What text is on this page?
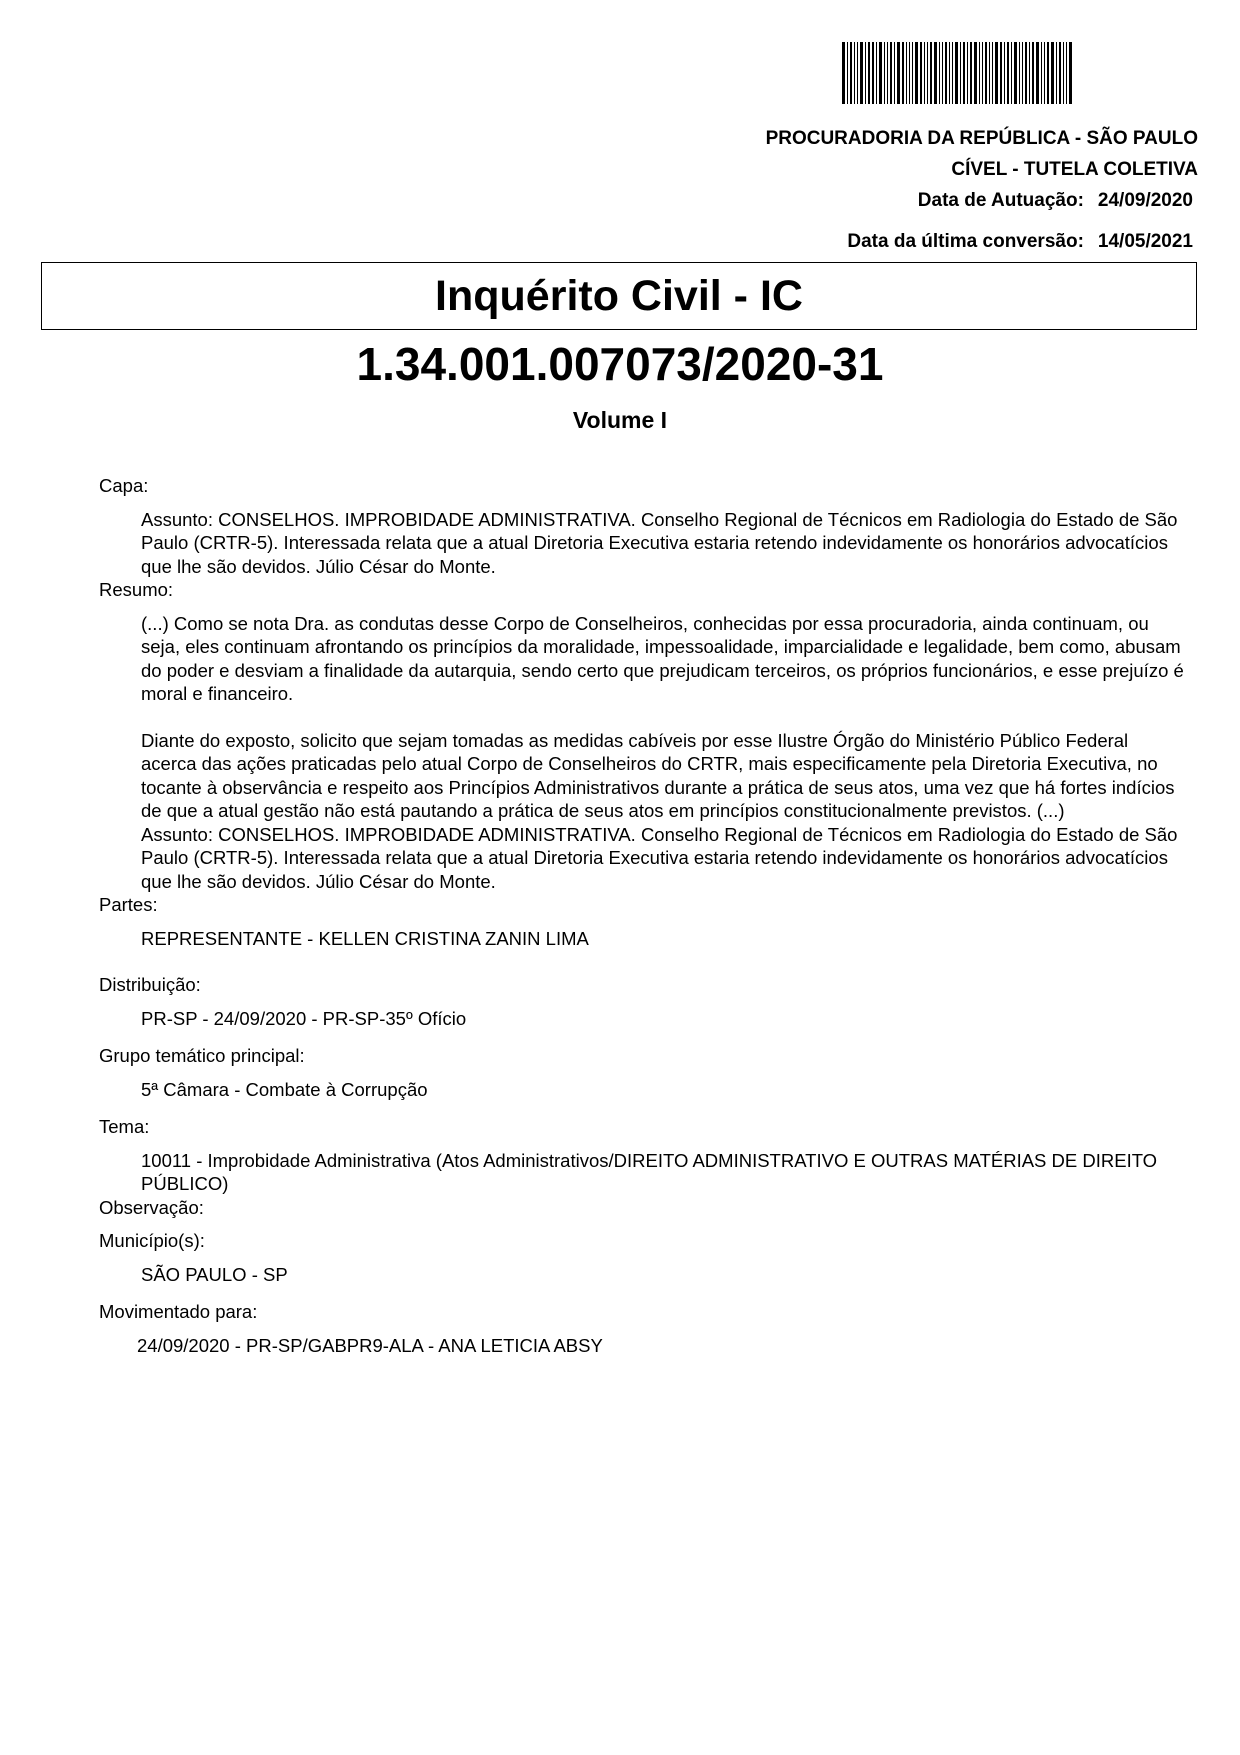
PROCURADORIA DA REPÚBLICA - SÃO PAULO
CÍVEL - TUTELA COLETIVA
Data de Autuação: 24/09/2020
Data da última conversão: 14/05/2021
Inquérito Civil - IC
1.34.001.007073/2020-31
Volume I

Capa:

Assunto: CONSELHOS. IMPROBIDADE ADMINISTRATIVA. Conselho Regional de Técnicos em Radiologia do Estado de São Paulo (CRTR-5). Interessada relata que a atual Diretoria Executiva estaria retendo indevidamente os honorários advocatícios que lhe são devidos. Júlio César do Monte.

Resumo:

(...) Como se nota Dra. as condutas desse Corpo de Conselheiros, conhecidas por essa procuradoria, ainda continuam, ou seja, eles continuam afrontando os princípios da moralidade, impessoalidade, imparcialidade e legalidade, bem como, abusam do poder e desviam a finalidade da autarquia, sendo certo que prejudicam terceiros, os próprios funcionários, e esse prejuízo é moral e financeiro.

Diante do exposto, solicito que sejam tomadas as medidas cabíveis por esse Ilustre Órgão do Ministério Público Federal acerca das ações praticadas pelo atual Corpo de Conselheiros do CRTR, mais especificamente pela Diretoria Executiva, no tocante à observância e respeito aos Princípios Administrativos durante a prática de seus atos, uma vez que há fortes indícios de que a atual gestão não está pautando a prática de seus atos em princípios constitucionalmente previstos. (...)

Assunto: CONSELHOS. IMPROBIDADE ADMINISTRATIVA. Conselho Regional de Técnicos em Radiologia do Estado de São Paulo (CRTR-5). Interessada relata que a atual Diretoria Executiva estaria retendo indevidamente os honorários advocatícios que lhe são devidos. Júlio César do Monte.

Partes:

REPRESENTANTE - KELLEN CRISTINA ZANIN LIMA

Distribuição:

PR-SP - 24/09/2020 - PR-SP-35º Ofício

Grupo temático principal:

5ª Câmara - Combate à Corrupção

Tema:

10011 - Improbidade Administrativa (Atos Administrativos/DIREITO ADMINISTRATIVO E OUTRAS MATÉRIAS DE DIREITO PÚBLICO)

Observação:

Município(s):

SÃO PAULO - SP

Movimentado para:

24/09/2020 - PR-SP/GABPR9-ALA - ANA LETICIA ABSY
